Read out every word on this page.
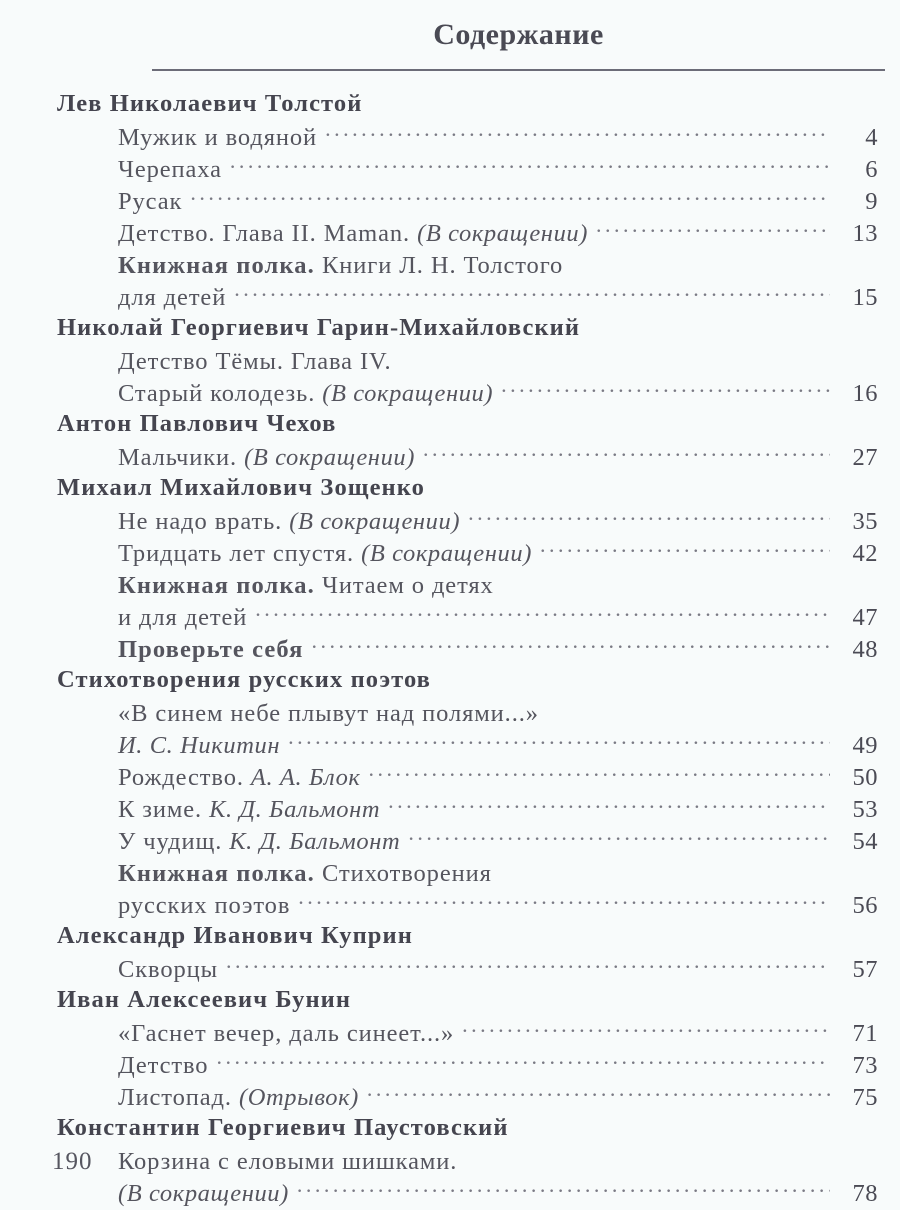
Содержание
Лев Николаевич Толстой
Мужик и водяной . . .	4
Черепаха . . .	6
Русак . . .	9
Детство. Глава II. Maman. (В сокращении) . . .	13
Книжная полка. Книги Л. Н. Толстого
для детей . . .	15
Николай Георгиевич Гарин-Михайловский
Детство Тёмы. Глава IV.
Старый колодезь. (В сокращении) . . .	16
Антон Павлович Чехов
Мальчики. (В сокращении) . . .	27
Михаил Михайлович Зощенко
Не надо врать. (В сокращении) . . .	35
Тридцать лет спустя. (В сокращении) . . .	42
Книжная полка. Читаем о детях
и для детей . . .	47
Проверьте себя . . .	48
Стихотворения русских поэтов
«В синем небе плывут над полями...»
И. С. Никитин . . .	49
Рождество. А. А. Блок . . .	50
К зиме. К. Д. Бальмонт . . .	53
У чудищ. К. Д. Бальмонт . . .	54
Книжная полка. Стихотворения
русских поэтов . . .	56
Александр Иванович Куприн
Скворцы . . .	57
Иван Алексеевич Бунин
«Гаснет вечер, даль синеет...» . . .	71
Детство . . .	73
Листопад. (Отрывок) . . .	75
Константин Георгиевич Паустовский
Корзина с еловыми шишками.
(В сокращении) . . .	78
190
